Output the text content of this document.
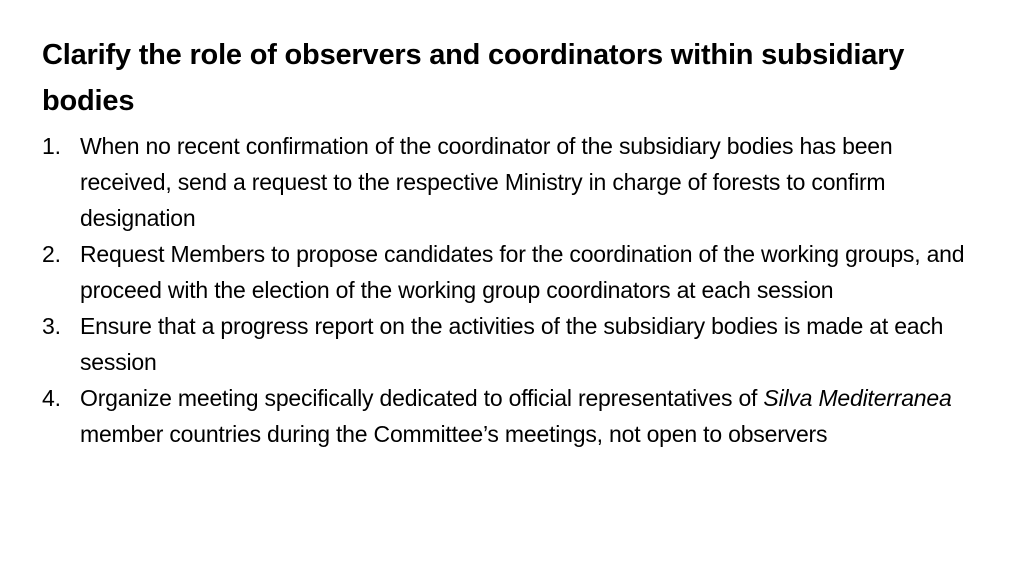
Clarify the role of observers and coordinators within subsidiary bodies
1. When no recent confirmation of the coordinator of the subsidiary bodies has been received, send a request to the respective Ministry in charge of forests to confirm designation
2. Request Members to propose candidates for the coordination of the working groups, and proceed with the election of the working group coordinators at each session
3. Ensure that a progress report on the activities of the subsidiary bodies is made at each session
4. Organize meeting specifically dedicated to official representatives of Silva Mediterranea member countries during the Committee’s meetings, not open to observers
